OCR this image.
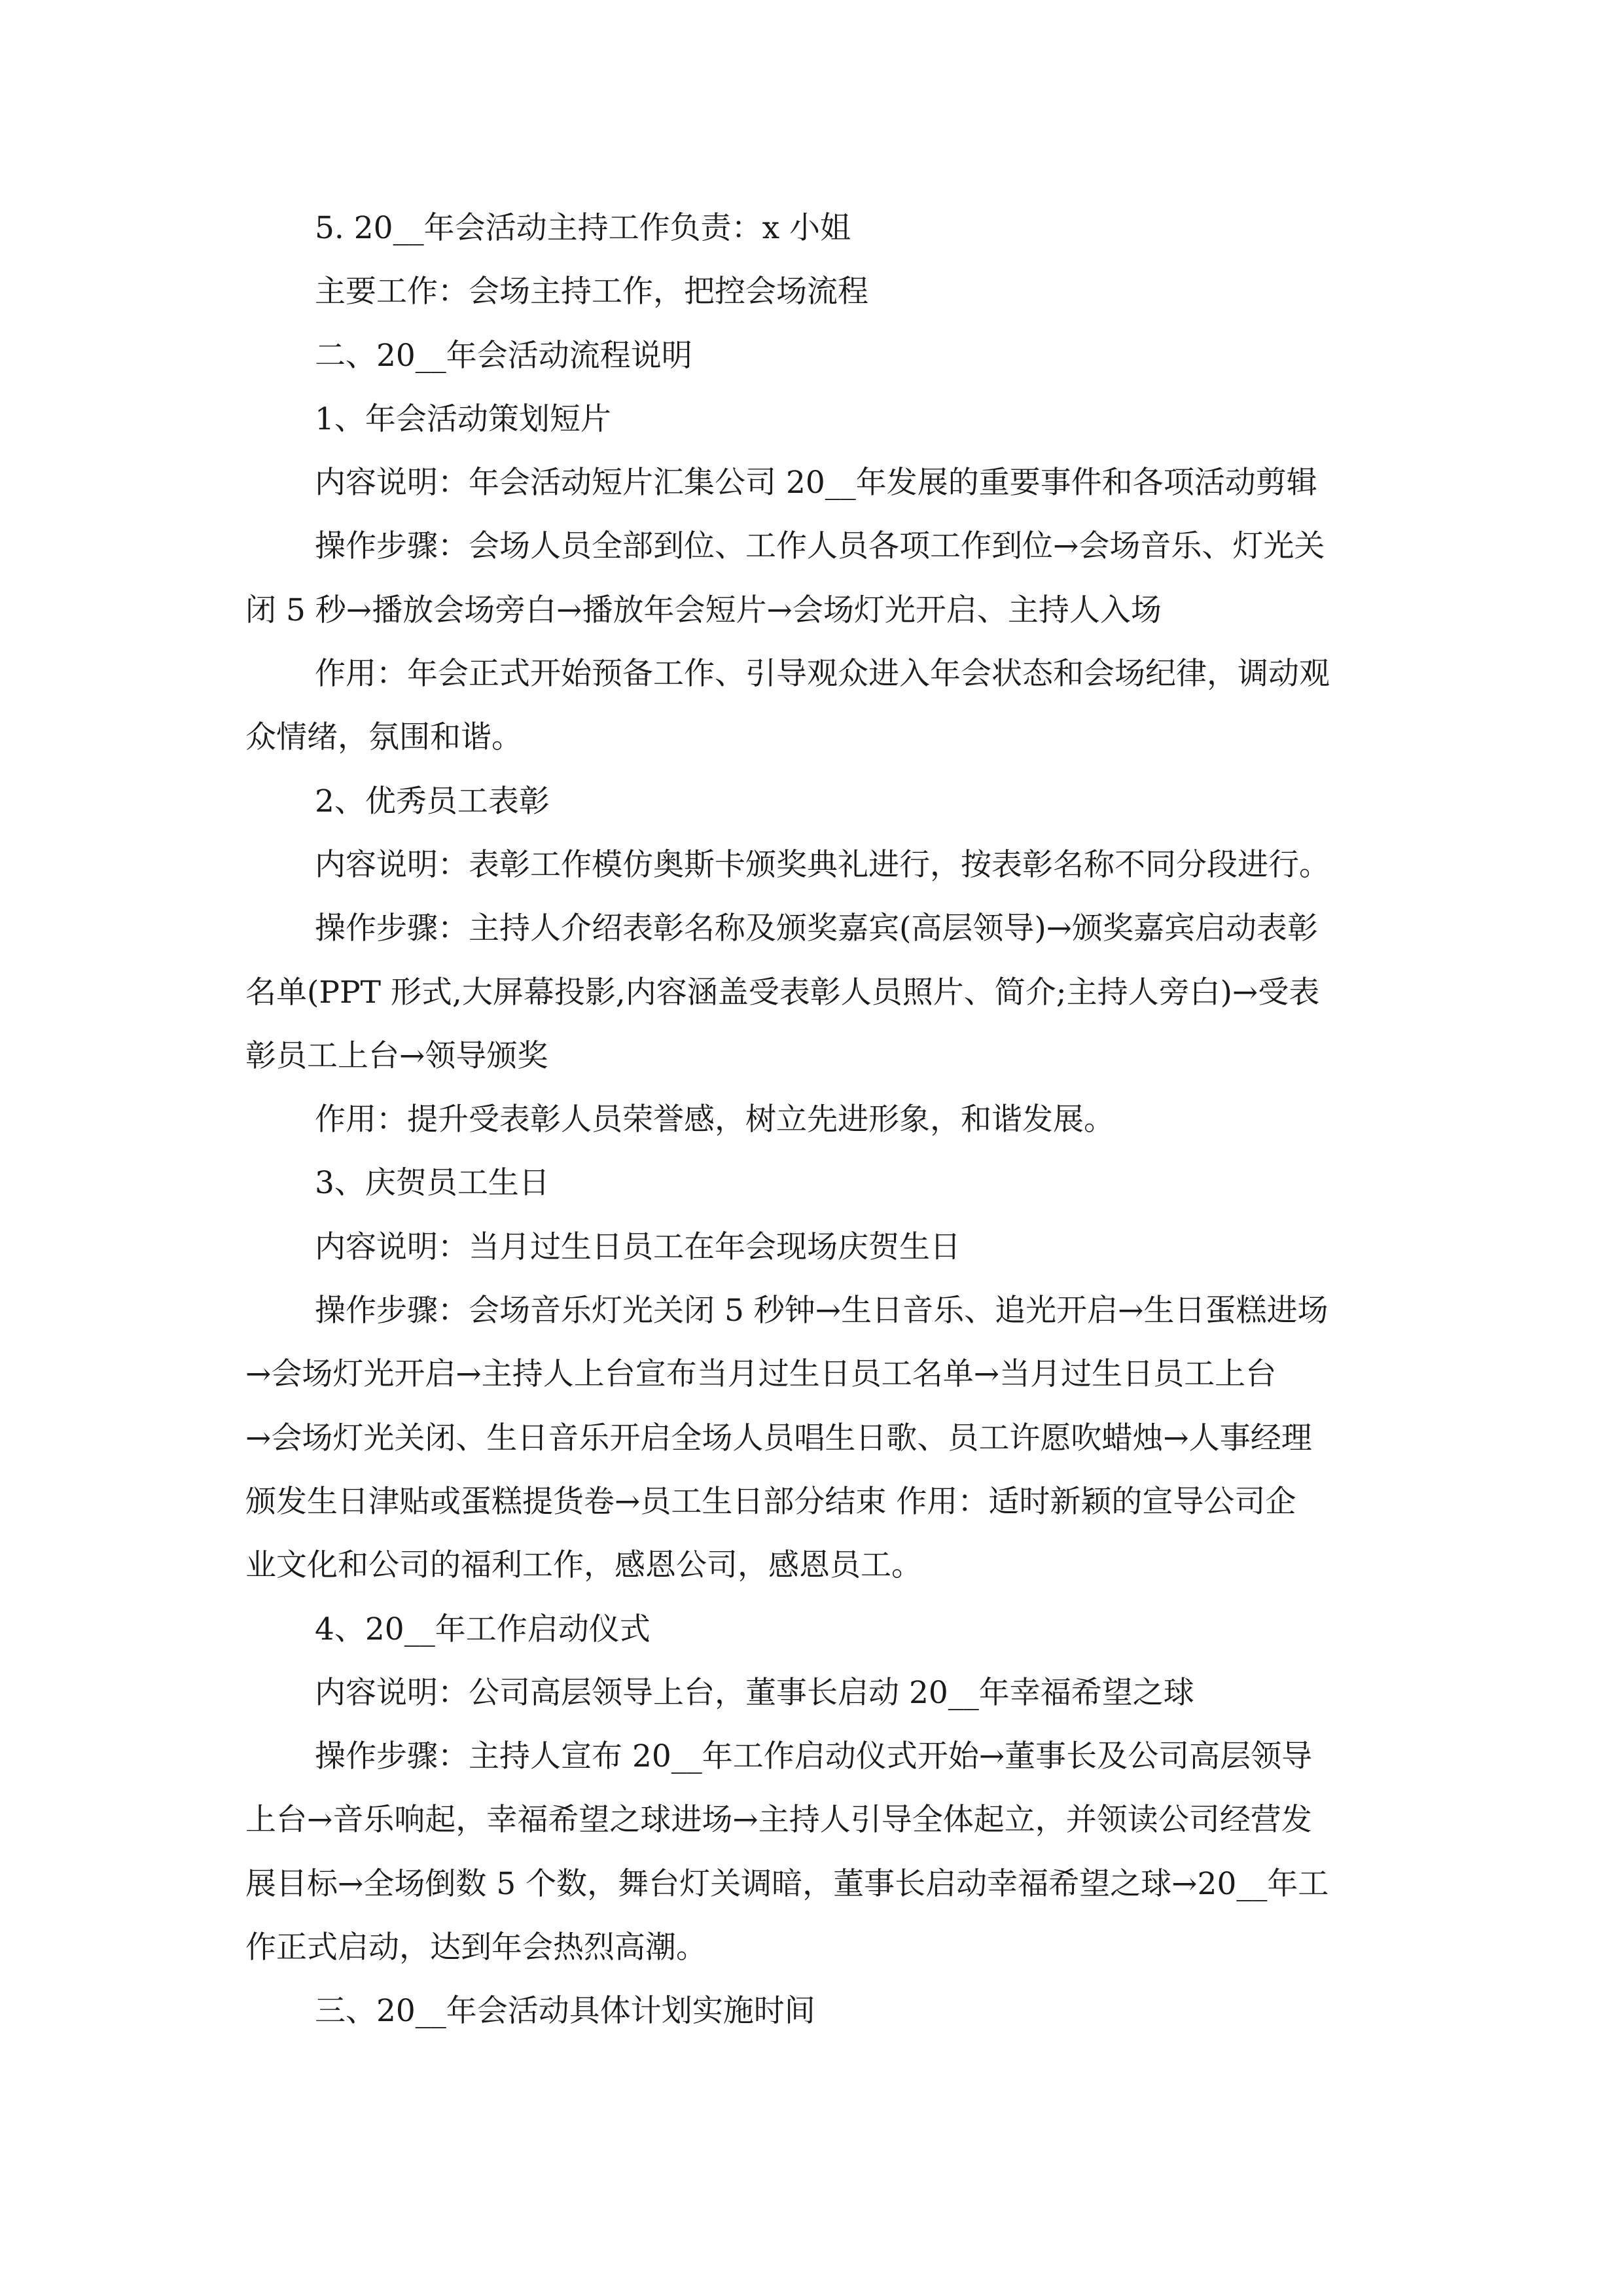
5. 20__年会活动主持工作负责：x 小姐
主要工作：会场主持工作，把控会场流程
二、20__年会活动流程说明
1、年会活动策划短片
内容说明：年会活动短片汇集公司 20__年发展的重要事件和各项活动剪辑
操作步骤：会场人员全部到位、工作人员各项工作到位→会场音乐、灯光关
闭 5 秒→播放会场旁白→播放年会短片→会场灯光开启、主持人入场
作用：年会正式开始预备工作、引导观众进入年会状态和会场纪律，调动观
众情绪，氛围和谐。
2、优秀员工表彰
内容说明：表彰工作模仿奥斯卡颁奖典礼进行，按表彰名称不同分段进行。
操作步骤：主持人介绍表彰名称及颁奖嘉宾(高层领导)→颁奖嘉宾启动表彰
名单(PPT 形式,大屏幕投影,内容涵盖受表彰人员照片、简介;主持人旁白)→受表
彰员工上台→领导颁奖
作用：提升受表彰人员荣誉感，树立先进形象，和谐发展。
3、庆贺员工生日
内容说明：当月过生日员工在年会现场庆贺生日
操作步骤：会场音乐灯光关闭 5 秒钟→生日音乐、追光开启→生日蛋糕进场
→会场灯光开启→主持人上台宣布当月过生日员工名单→当月过生日员工上台
→会场灯光关闭、生日音乐开启全场人员唱生日歌、员工许愿吹蜡烛→人事经理
颁发生日津贴或蛋糕提货卷→员工生日部分结束 作用：适时新颖的宣导公司企
业文化和公司的福利工作，感恩公司，感恩员工。
4、20__年工作启动仪式
内容说明：公司高层领导上台，董事长启动 20__年幸福希望之球
操作步骤：主持人宣布 20__年工作启动仪式开始→董事长及公司高层领导
上台→音乐响起，幸福希望之球进场→主持人引导全体起立，并领读公司经营发
展目标→全场倒数 5 个数，舞台灯关调暗，董事长启动幸福希望之球→20__年工
作正式启动，达到年会热烈高潮。
三、20__年会活动具体计划实施时间
